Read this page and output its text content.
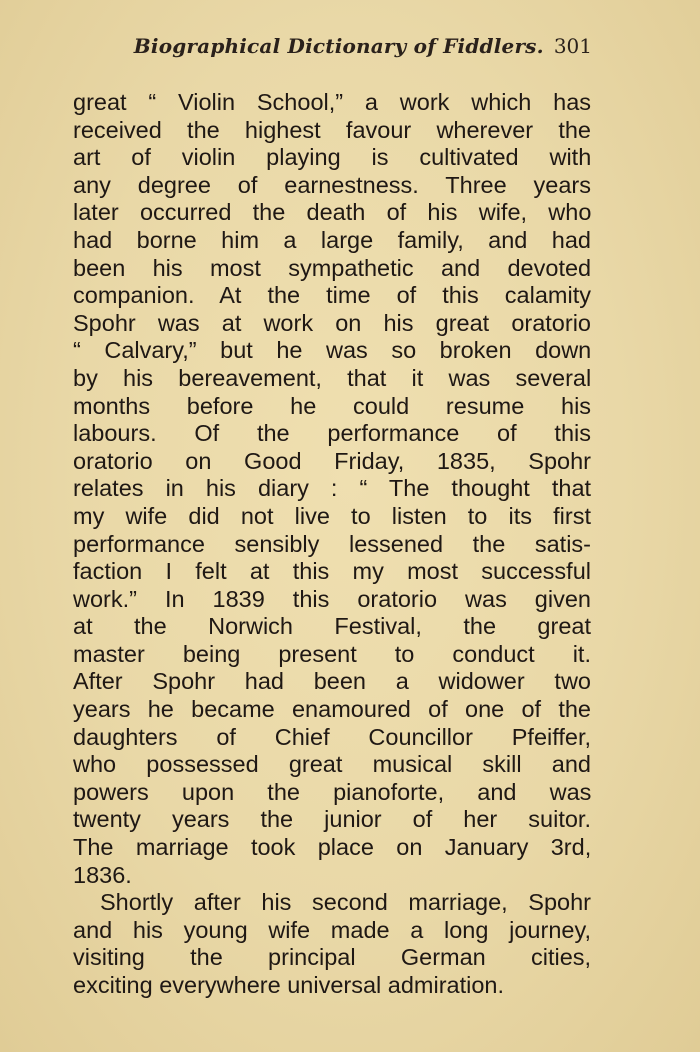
Biographical Dictionary of Fiddlers. 301

great “ Violin School,” a work which has
received the highest favour wherever the
art of violin playing is cultivated with
any degree of earnestness. Three years
later occurred the death of his wife, who
had borne him a large family, and had
been his most sympathetic and devoted
companion. At the time of this calamity
Spohr was at work on his great oratorio
“ Calvary,” but he was so broken down
by his bereavement, that it was several
months before he could resume his
labours. Of the performance of this
oratorio on Good Friday, 1835, Spohr
relates in his diary : “ The thought that
my wife did not live to listen to its first
performance sensibly lessened the satis-
faction I felt at this my most successful
work.” In 1839 this oratorio was given
at the Norwich Festival, the great
master being present to conduct it.
After Spohr had been a widower two
years he became enamoured of one of the
daughters of Chief Councillor Pfeiffer,
who possessed great musical skill and
powers upon the pianoforte, and was
twenty years the junior of her suitor.
The marriage took place on January 3rd,
1836.

Shortly after his second marriage, Spohr
and his young wife made a long journey,
visiting the principal German cities,
exciting everywhere universal admiration.
